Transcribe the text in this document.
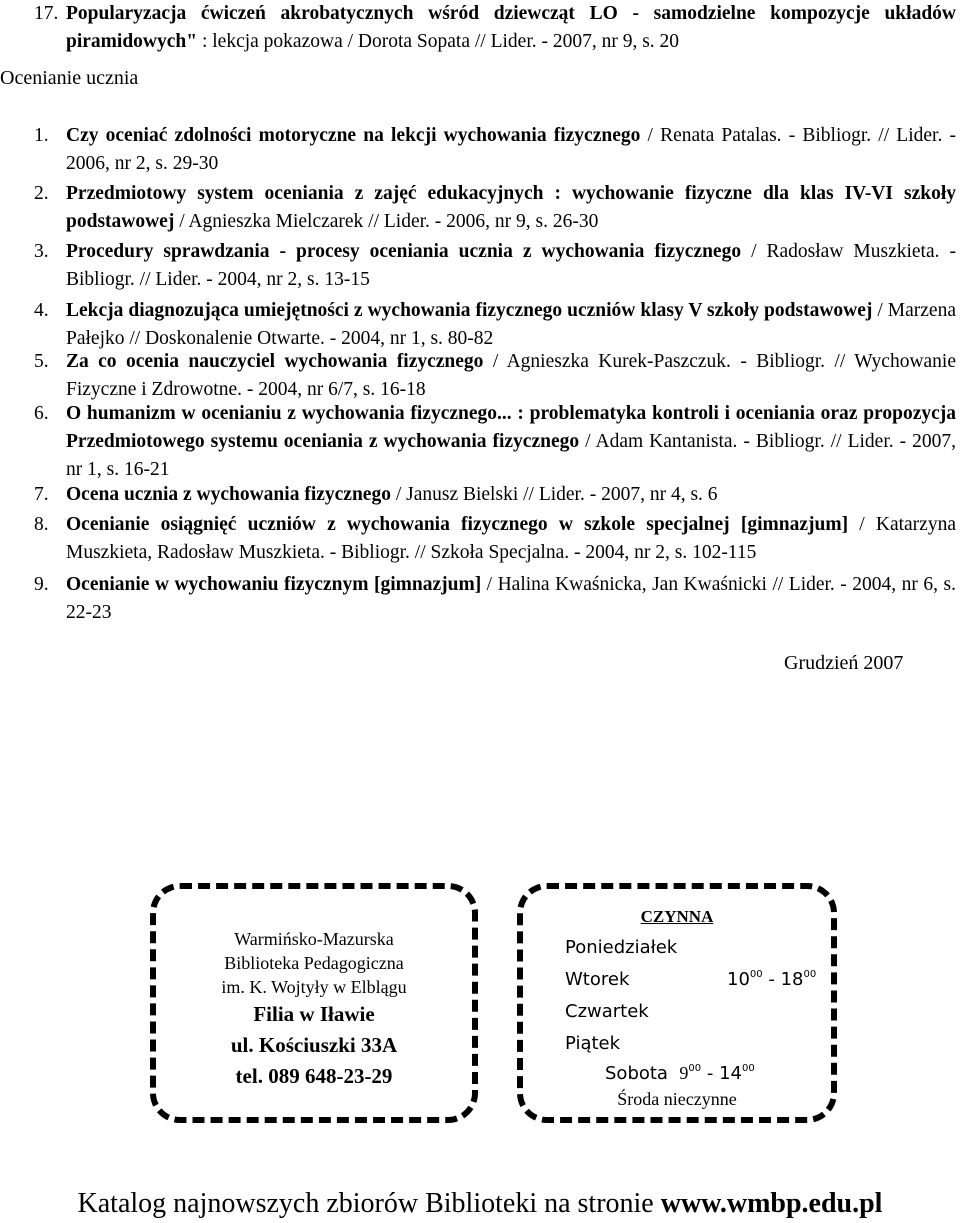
17. Popularyzacja ćwiczeń akrobatycznych wśród dziewcząt LO - samodzielne kompozycje układów piramidowych" : lekcja pokazowa / Dorota Sopata // Lider. - 2007, nr 9, s. 20
Ocenianie ucznia
1. Czy oceniać zdolności motoryczne na lekcji wychowania fizycznego / Renata Patalas. - Bibliogr. // Lider. - 2006, nr 2, s. 29-30
2. Przedmiotowy system oceniania z zajęć edukacyjnych : wychowanie fizyczne dla klas IV-VI szkoły podstawowej / Agnieszka Mielczarek // Lider. - 2006, nr 9, s. 26-30
3. Procedury sprawdzania - procesy oceniania ucznia z wychowania fizycznego / Radosław Muszkieta. - Bibliogr. // Lider. - 2004, nr 2, s. 13-15
4. Lekcja diagnozująca umiejętności z wychowania fizycznego uczniów klasy V szkoły podstawowej / Marzena Pałejko // Doskonalenie Otwarte. - 2004, nr 1, s. 80-82
5. Za co ocenia nauczyciel wychowania fizycznego / Agnieszka Kurek-Paszczuk. - Bibliogr. // Wychowanie Fizyczne i Zdrowotne. - 2004, nr 6/7, s. 16-18
6. O humanizm w ocenianiu z wychowania fizycznego... : problematyka kontroli i oceniania oraz propozycja Przedmiotowego systemu oceniania z wychowania fizycznego / Adam Kantanista. - Bibliogr. // Lider. - 2007, nr 1, s. 16-21
7. Ocena ucznia z wychowania fizycznego / Janusz Bielski // Lider. - 2007, nr 4, s. 6
8. Ocenianie osiągnięć uczniów z wychowania fizycznego w szkole specjalnej [gimnazjum] / Katarzyna Muszkieta, Radosław Muszkieta. - Bibliogr. // Szkoła Specjalna. - 2004, nr 2, s. 102-115
9. Ocenianie w wychowaniu fizycznym [gimnazjum] / Halina Kwaśnicka, Jan Kwaśnicki // Lider. - 2004, nr 6, s. 22-23
Grudzień 2007
Warmińsko-Mazurska
Biblioteka Pedagogiczna
im. K. Wojtyły w Elblągu
Filia w Iławie
ul. Kościuszki 33A
tel. 089 648-23-29
CZYNNA
Poniedziałek
Wtorek	$10^{00} - 18^{00}$
Czwartek
Piątek
Sobota $9^{00} - 14^{00}$
Środa nieczynne
Katalog najnowszych zbiorów Biblioteki na stronie www.wmbp.edu.pl
